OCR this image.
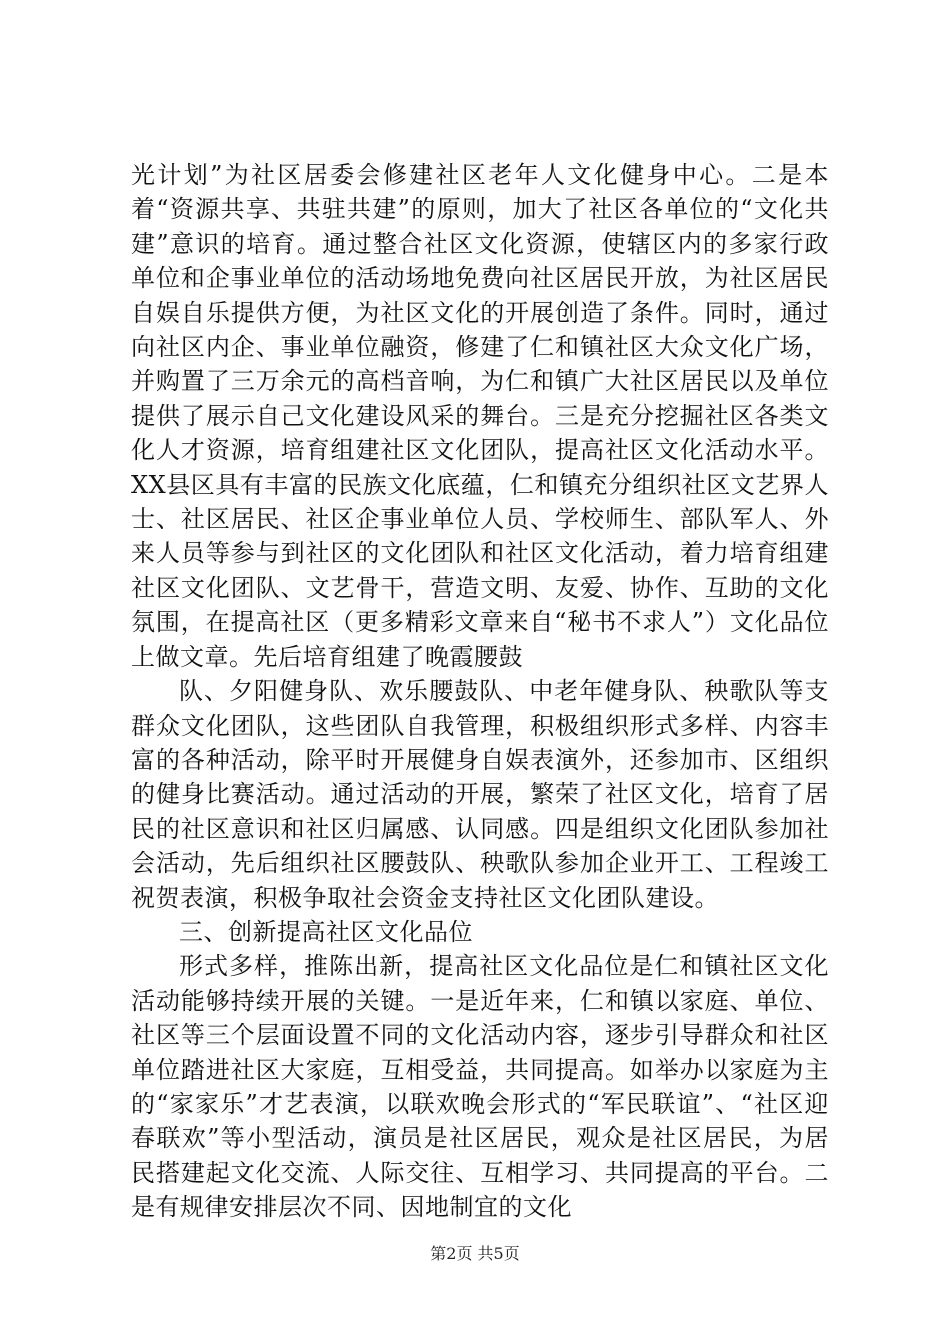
光计划”为社区居委会修建社区老年人文化健身中心。二是本着“资源共享、共驻共建”的原则，加大了社区各单位的“文化共建”意识的培育。通过整合社区文化资源，使辖区内的多家行政单位和企事业单位的活动场地免费向社区居民开放，为社区居民自娱自乐提供方便，为社区文化的开展创造了条件。同时，通过向社区内企、事业单位融资，修建了仁和镇社区大众文化广场，并购置了三万余元的高档音响，为仁和镇广大社区居民以及单位提供了展示自己文化建设风采的舞台。三是充分挖掘社区各类文化人才资源，培育组建社区文化团队，提高社区文化活动水平。XX县区具有丰富的民族文化底蕴，仁和镇充分组织社区文艺界人士、社区居民、社区企事业单位人员、学校师生、部队军人、外来人员等参与到社区的文化团队和社区文化活动，着力培育组建社区文化团队、文艺骨干，营造文明、友爱、协作、互助的文化氛围，在提高社区（更多精彩文章来自“秘书不求人”）文化品位上做文章。先后培育组建了晚霞腰鼓

队、夕阳健身队、欢乐腰鼓队、中老年健身队、秧歌队等支群众文化团队，这些团队自我管理，积极组织形式多样、内容丰富的各种活动，除平时开展健身自娱表演外，还参加市、区组织的健身比赛活动。通过活动的开展，繁荣了社区文化，培育了居民的社区意识和社区归属感、认同感。四是组织文化团队参加社会活动，先后组织社区腰鼓队、秧歌队参加企业开工、工程竣工祝贺表演，积极争取社会资金支持社区文化团队建设。

三、创新提高社区文化品位

形式多样，推陈出新，提高社区文化品位是仁和镇社区文化活动能够持续开展的关键。一是近年来，仁和镇以家庭、单位、社区等三个层面设置不同的文化活动内容，逐步引导群众和社区单位踏进社区大家庭，互相受益，共同提高。如举办以家庭为主的“家家乐”才艺表演，以联欢晚会形式的“军民联谊”、“社区迎春联欢”等小型活动，演员是社区居民，观众是社区居民，为居民搭建起文化交流、人际交往、互相学习、共同提高的平台。二是有规律安排层次不同、因地制宜的文化

第2页 共5页
